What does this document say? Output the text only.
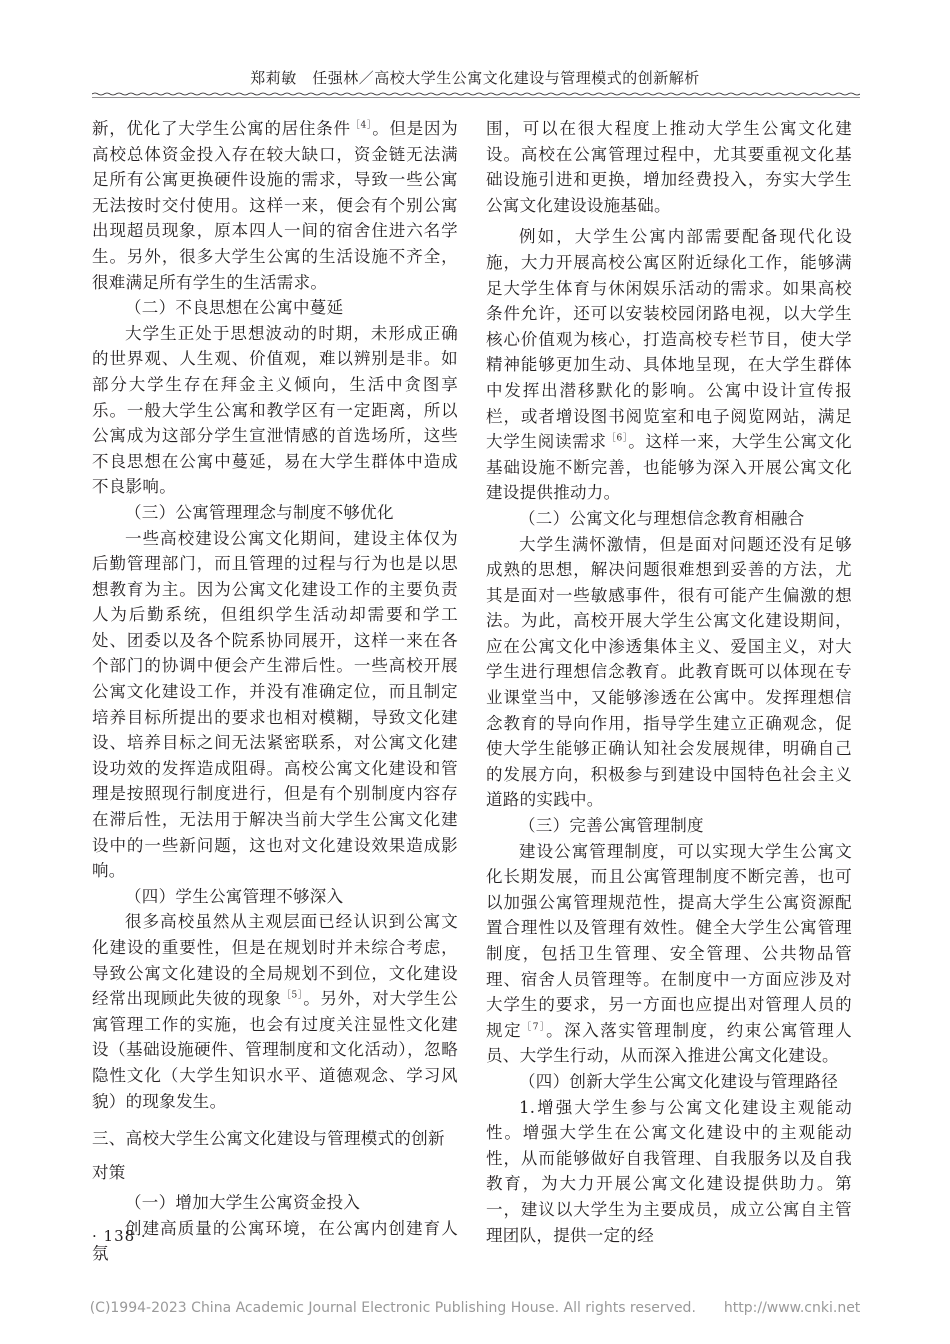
郑莉敏　任强林／高校大学生公寓文化建设与管理模式的创新解析

新，优化了大学生公寓的居住条件$^{[4]}$。但是因为高校总体资金投入存在较大缺口，资金链无法满足所有公寓更换硬件设施的需求，导致一些公寓无法按时交付使用。这样一来，便会有个别公寓出现超员现象，原本四人一间的宿舍住进六名学生。另外，很多大学生公寓的生活设施不齐全，很难满足所有学生的生活需求。

（二）不良思想在公寓中蔓延

大学生正处于思想波动的时期，未形成正确的世界观、人生观、价值观，难以辨别是非。如部分大学生存在拜金主义倾向，生活中贪图享乐。一般大学生公寓和教学区有一定距离，所以公寓成为这部分学生宣泄情感的首选场所，这些不良思想在公寓中蔓延，易在大学生群体中造成不良影响。

（三）公寓管理理念与制度不够优化

一些高校建设公寓文化期间，建设主体仅为后勤管理部门，而且管理的过程与行为也是以思想教育为主。因为公寓文化建设工作的主要负责人为后勤系统，但组织学生活动却需要和学工处、团委以及各个院系协同展开，这样一来在各个部门的协调中便会产生滞后性。一些高校开展公寓文化建设工作，并没有准确定位，而且制定培养目标所提出的要求也相对模糊，导致文化建设、培养目标之间无法紧密联系，对公寓文化建设功效的发挥造成阻碍。高校公寓文化建设和管理是按照现行制度进行，但是有个别制度内容存在滞后性，无法用于解决当前大学生公寓文化建设中的一些新问题，这也对文化建设效果造成影响。

（四）学生公寓管理不够深入

很多高校虽然从主观层面已经认识到公寓文化建设的重要性，但是在规划时并未综合考虑，导致公寓文化建设的全局规划不到位，文化建设经常出现顾此失彼的现象$^{[5]}$。另外，对大学生公寓管理工作的实施，也会有过度关注显性文化建设（基础设施硬件、管理制度和文化活动），忽略隐性文化（大学生知识水平、道德观念、学习风貌）的现象发生。

三、高校大学生公寓文化建设与管理模式的创新
对策

（一）增加大学生公寓资金投入

创建高质量的公寓环境，在公寓内创建育人氛

围，可以在很大程度上推动大学生公寓文化建设。高校在公寓管理过程中，尤其要重视文化基础设施引进和更换，增加经费投入，夯实大学生公寓文化建设设施基础。

例如，大学生公寓内部需要配备现代化设施，大力开展高校公寓区附近绿化工作，能够满足大学生体育与休闲娱乐活动的需求。如果高校条件允许，还可以安装校园闭路电视，以大学生核心价值观为核心，打造高校专栏节目，使大学精神能够更加生动、具体地呈现，在大学生群体中发挥出潜移默化的影响。公寓中设计宣传报栏，或者增设图书阅览室和电子阅览网站，满足大学生阅读需求$^{[6]}$。这样一来，大学生公寓文化基础设施不断完善，也能够为深入开展公寓文化建设提供推动力。

（二）公寓文化与理想信念教育相融合

大学生满怀激情，但是面对问题还没有足够成熟的思想，解决问题很难想到妥善的方法，尤其是面对一些敏感事件，很有可能产生偏激的想法。为此，高校开展大学生公寓文化建设期间，应在公寓文化中渗透集体主义、爱国主义，对大学生进行理想信念教育。此教育既可以体现在专业课堂当中，又能够渗透在公寓中。发挥理想信念教育的导向作用，指导学生建立正确观念，促使大学生能够正确认知社会发展规律，明确自己的发展方向，积极参与到建设中国特色社会主义道路的实践中。

（三）完善公寓管理制度

建设公寓管理制度，可以实现大学生公寓文化长期发展，而且公寓管理制度不断完善，也可以加强公寓管理规范性，提高大学生公寓资源配置合理性以及管理有效性。健全大学生公寓管理制度，包括卫生管理、安全管理、公共物品管理、宿舍人员管理等。在制度中一方面应涉及对大学生的要求，另一方面也应提出对管理人员的规定$^{[7]}$。深入落实管理制度，约束公寓管理人员、大学生行动，从而深入推进公寓文化建设。

（四）创新大学生公寓文化建设与管理路径

1.增强大学生参与公寓文化建设主观能动性。增强大学生在公寓文化建设中的主观能动性，从而能够做好自我管理、自我服务以及自我教育，为大力开展公寓文化建设提供助力。第一，建议以大学生为主要成员，成立公寓自主管理团队，提供一定的经

· 138 ·
(C)1994-2023 China Academic Journal Electronic Publishing House. All rights reserved.　　http://www.cnki.net
